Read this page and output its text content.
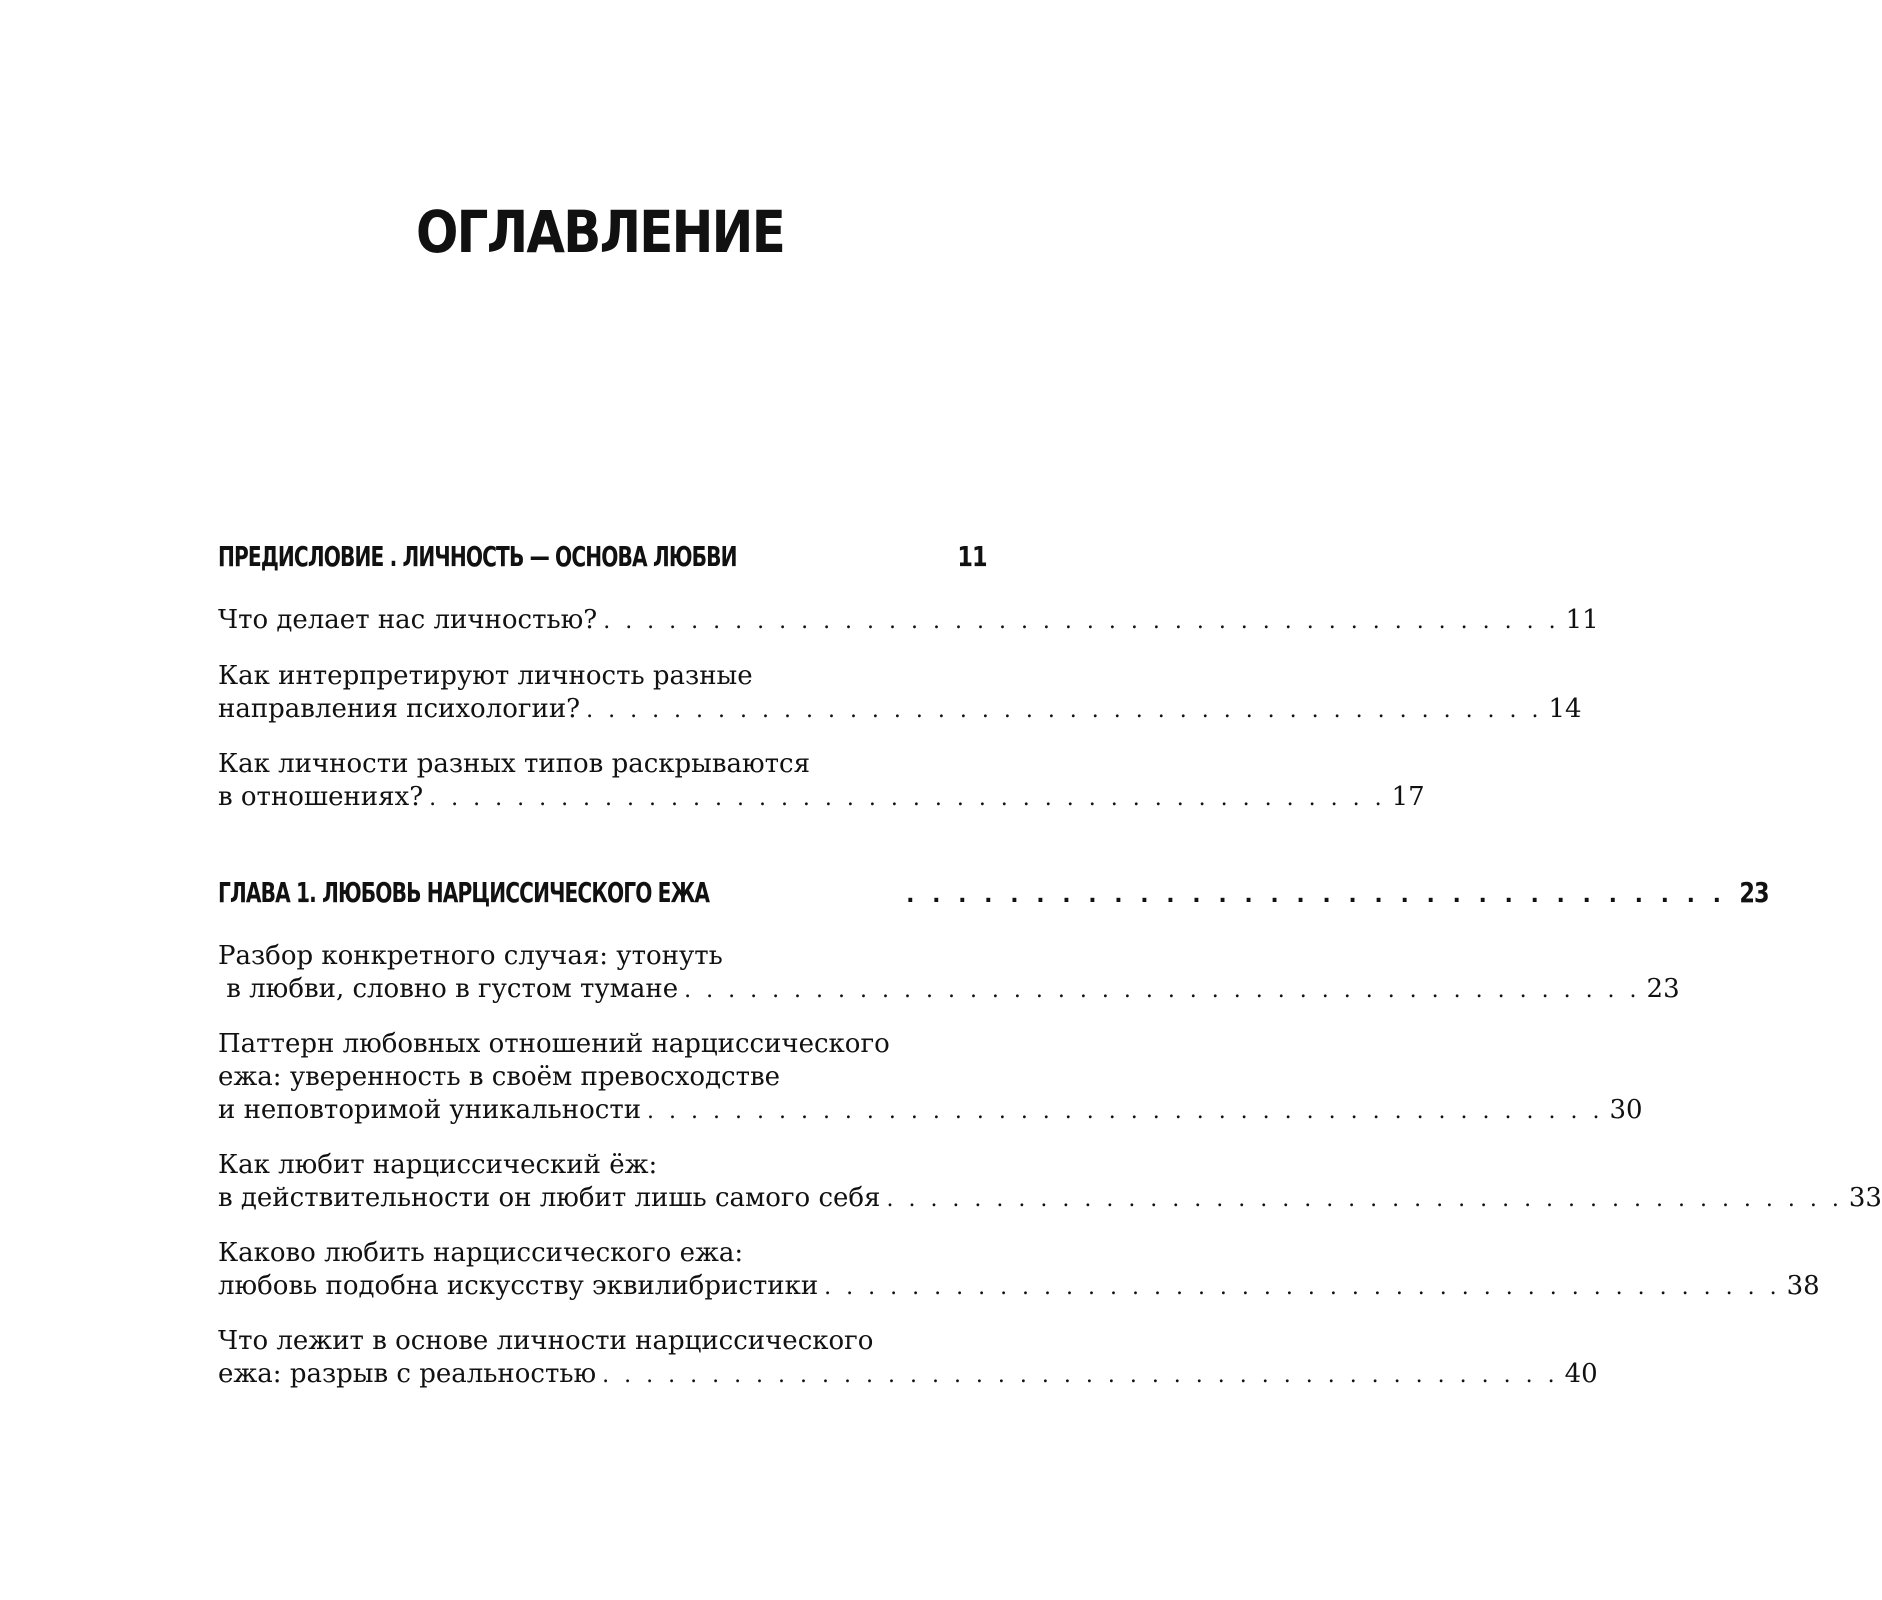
ОГЛАВЛЕНИЕ
ПРЕДИСЛОВИЕ . ЛИЧНОСТЬ — ОСНОВА ЛЮБВИ	11
Что делает нас личностью? . . . . . . . . . . . . . . . . . . . . . . . . . . . . . . . . . . . . . . . . . . . . 11
Как интерпретируют личность разные
направления психологии? . . . . . . . . . . . . . . . . . . . . . . . . . . . . . . . . . . . . . . . . . . . . 14
Как личности разных типов раскрываются
в отношениях? . . . . . . . . . . . . . . . . . . . . . . . . . . . . . . . . . . . . . . . . . . . . 17
ГЛАВА 1. ЛЮБОВЬ НАРЦИССИЧЕСКОГО ЕЖА	. . . . . . . . . . . . . . . . . . . . . . . . . . . . . . . . 23
Разбор конкретного случая: утонуть
в любви, словно в густом тумане . . . . . . . . . . . . . . . . . . . . . . . . . . . . . . . . . . . . . . . . . . . . 23
Паттерн любовных отношений нарциссического
ежа: уверенность в своём превосходстве
и неповторимой уникальности . . . . . . . . . . . . . . . . . . . . . . . . . . . . . . . . . . . . . . . . . . . . 30
Как любит нарциссический ёж:
в действительности он любит лишь самого себя . . . . . . . . . . . . . . . . . . . . . . . . . . . . . . . . . . . . . . . . . . . . 33
Каково любить нарциссического ежа:
любовь подобна искусству эквилибристики . . . . . . . . . . . . . . . . . . . . . . . . . . . . . . . . . . . . . . . . . . . . 38
Что лежит в основе личности нарциссического
ежа: разрыв с реальностью . . . . . . . . . . . . . . . . . . . . . . . . . . . . . . . . . . . . . . . . . . . . 40
